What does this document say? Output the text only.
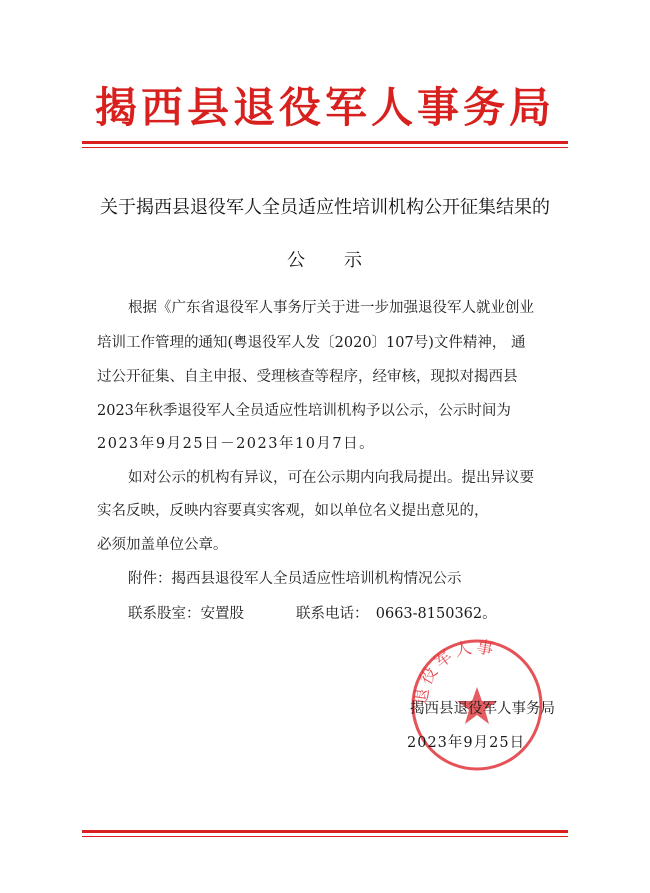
揭西县退役军人事务局
关于揭西县退役军人全员适应性培训机构公开征集结果的
公　　示
根据《广东省退役军人事务厅关于进一步加强退役军人就业创业
培训工作管理的通知(粤退役军人发〔2020〕107号)文件精神， 通
过公开征集、自主申报、受理核查等程序，经审核，现拟对揭西县
2023年秋季退役军人全员适应性培训机构予以公示，公示时间为
2023年9月25日－2023年10月7日。
如对公示的机构有异议，可在公示期内向我局提出。提出异议要
实名反映，反映内容要真实客观，如以单位名义提出意见的，
必须加盖单位公章。
附件：揭西县退役军人全员适应性培训机构情况公示
联系股室：安置股	联系电话：　0663-8150362。
退役军人事
揭西县退役军人事务局
2023年9月25日
